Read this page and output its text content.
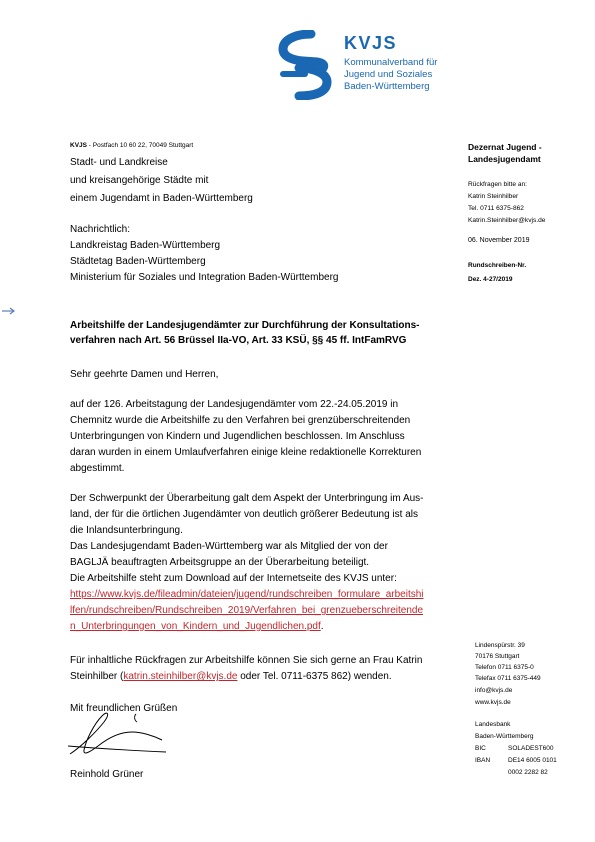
KVJS
Kommunalverband für
Jugend und Soziales
Baden-Württemberg
KVJS - Postfach 10 60 22, 70049 Stuttgart
Stadt- und Landkreise
und kreisangehörige Städte mit
einem Jugendamt in Baden-Württemberg
Nachrichtlich:
Landkreistag Baden-Württemberg
Städtetag Baden-Württemberg
Ministerium für Soziales und Integration Baden-Württemberg
Dezernat Jugend -
Landesjugendamt
Rückfragen bitte an:
Katrin Steinhilber
Tel. 0711 6375-862
Katrin.Steinhilber@kvjs.de
06. November 2019
Rundschreiben-Nr.
Dez. 4-27/2019
Arbeitshilfe der Landesjugendämter zur Durchführung der Konsultations-
verfahren nach Art. 56 Brüssel IIa-VO, Art. 33 KSÜ, §§ 45 ff. IntFamRVG
Sehr geehrte Damen und Herren,
auf der 126. Arbeitstagung der Landesjugendämter vom 22.-24.05.2019 in
Chemnitz wurde die Arbeitshilfe zu den Verfahren bei grenzüberschreitenden
Unterbringungen von Kindern und Jugendlichen beschlossen. Im Anschluss
daran wurden in einem Umlaufverfahren einige kleine redaktionelle Korrekturen
abgestimmt.
Der Schwerpunkt der Überarbeitung galt dem Aspekt der Unterbringung im Aus-
land, der für die örtlichen Jugendämter von deutlich größerer Bedeutung ist als
die Inlandsunterbringung.
Das Landesjugendamt Baden-Württemberg war als Mitglied der von der
BAGLJÄ beauftragten Arbeitsgruppe an der Überarbeitung beteiligt.
Die Arbeitshilfe steht zum Download auf der Internetseite des KVJS unter:
https://www.kvjs.de/fileadmin/dateien/jugend/rundschreiben_formulare_arbeitshi
lfen/rundschreiben/Rundschreiben_2019/Verfahren_bei_grenzueberschreitende
n_Unterbringungen_von_Kindern_und_Jugendlichen.pdf.
Für inhaltliche Rückfragen zur Arbeitshilfe können Sie sich gerne an Frau Katrin
Steinhilber (katrin.steinhilber@kvjs.de oder Tel. 0711-6375 862) wenden.
Mit freundlichen Grüßen
Reinhold Grüner
Lindenspürstr. 39
70176 Stuttgart
Telefon 0711 6375-0
Telefax 0711 6375-449
info@kvjs.de
www.kvjs.de
Landesbank
Baden-Württemberg
BIC	SOLADEST600
IBAN	DE14 6005 0101
0002 2282 82
